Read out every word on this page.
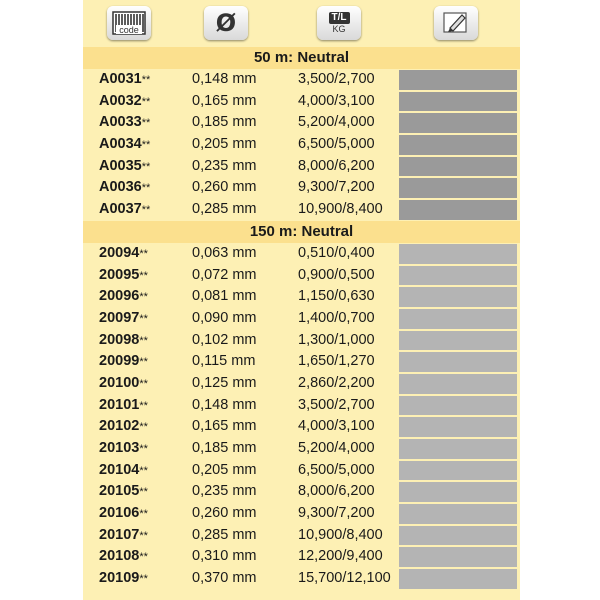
code	Ø	T/L
KG
50 m: Neutral
A0031**	0,148 mm	3,500/2,700
A0032**	0,165 mm	4,000/3,100
A0033**	0,185 mm	5,200/4,000
A0034**	0,205 mm	6,500/5,000
A0035**	0,235 mm	8,000/6,200
A0036**	0,260 mm	9,300/7,200
A0037**	0,285 mm	10,900/8,400
150 m: Neutral
20094**	0,063 mm	0,510/0,400
20095**	0,072 mm	0,900/0,500
20096**	0,081 mm	1,150/0,630
20097**	0,090 mm	1,400/0,700
20098**	0,102 mm	1,300/1,000
20099**	0,115 mm	1,650/1,270
20100**	0,125 mm	2,860/2,200
20101**	0,148 mm	3,500/2,700
20102**	0,165 mm	4,000/3,100
20103**	0,185 mm	5,200/4,000
20104**	0,205 mm	6,500/5,000
20105**	0,235 mm	8,000/6,200
20106**	0,260 mm	9,300/7,200
20107**	0,285 mm	10,900/8,400
20108**	0,310 mm	12,200/9,400
20109**	0,370 mm	15,700/12,100
